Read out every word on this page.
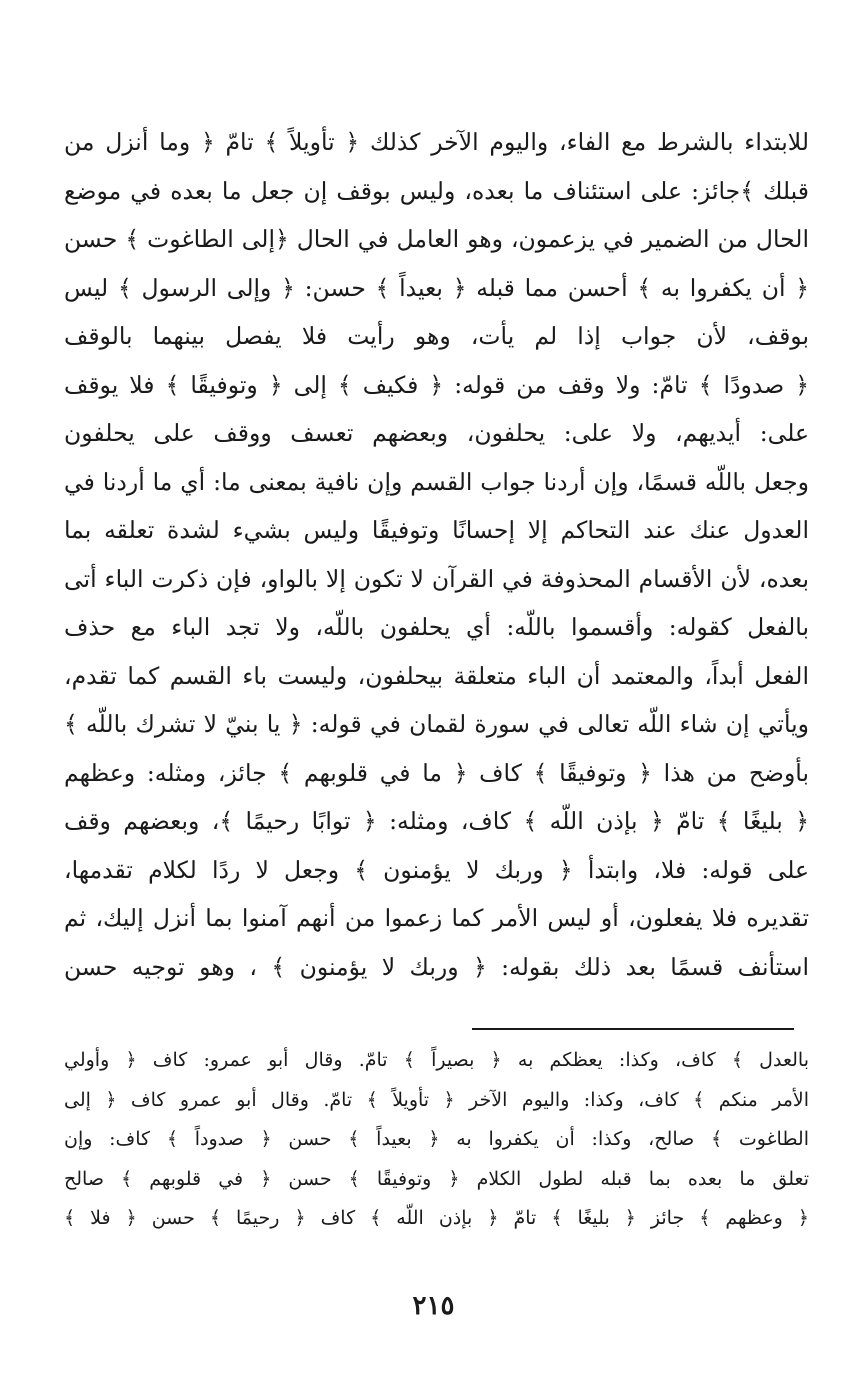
للابتداء بالشرط مع الفاء، واليوم الآخر كذلك ﴿ تأويلاً ﴾ تامّ ﴿ وما أنزل من
قبلك ﴾جائز: على استئناف ما بعده، وليس بوقف إن جعل ما بعده في موضع
الحال من الضمير في يزعمون، وهو العامل في الحال ﴿إلى الطاغوت ﴾ حسن
﴿ أن يكفروا به ﴾ أحسن مما قبله ﴿ بعيداً ﴾ حسن: ﴿ وإلى الرسول ﴾ ليس
بوقف، لأن جواب إذا لم يأت، وهو رأيت فلا يفصل بينهما بالوقف
﴿ صدودًا ﴾ تامّ: ولا وقف من قوله: ﴿ فكيف ﴾ إلى ﴿ وتوفيقًا ﴾ فلا يوقف
على: أيديهم، ولا على: يحلفون، وبعضهم تعسف ووقف على يحلفون
وجعل باللّه قسمًا، وإن أردنا جواب القسم وإن نافية بمعنى ما: أي ما أردنا في
العدول عنك عند التحاكم إلا إحسانًا وتوفيقًا وليس بشيء لشدة تعلقه بما
بعده، لأن الأقسام المحذوفة في القرآن لا تكون إلا بالواو، فإن ذكرت الباء أتى
بالفعل كقوله: وأقسموا باللّه: أي يحلفون باللّه، ولا تجد الباء مع حذف
الفعل أبداً، والمعتمد أن الباء متعلقة بيحلفون، وليست باء القسم كما تقدم،
ويأتي إن شاء اللّه تعالى في سورة لقمان في قوله: ﴿ يا بنيّ لا تشرك باللّه ﴾
بأوضح من هذا ﴿ وتوفيقًا ﴾ كاف ﴿ ما في قلوبهم ﴾ جائز، ومثله: وعظهم
﴿ بليغًا ﴾ تامّ ﴿ بإذن اللّه ﴾ كاف، ومثله: ﴿ توابًا رحيمًا ﴾، وبعضهم وقف
على قوله: فلا، وابتدأ ﴿ وربك لا يؤمنون ﴾ وجعل لا ردًا لكلام تقدمها،
تقديره فلا يفعلون، أو ليس الأمر كما زعموا من أنهم آمنوا بما أنزل إليك، ثم
استأنف قسمًا بعد ذلك بقوله: ﴿ وربك لا يؤمنون ﴾ ، وهو توجيه حسن
بالعدل ﴾ كاف، وكذا: يعظكم به ﴿ بصيراً ﴾ تامّ. وقال أبو عمرو: كاف ﴿ وأولي
الأمر منكم ﴾ كاف، وكذا: واليوم الآخر ﴿ تأويلاً ﴾ تامّ. وقال أبو عمرو كاف ﴿ إلى
الطاغوت ﴾ صالح، وكذا: أن يكفروا به ﴿ بعيداً ﴾ حسن ﴿ صدوداً ﴾ كاف: وإن
تعلق ما بعده بما قبله لطول الكلام ﴿ وتوفيقًا ﴾ حسن ﴿ في قلوبهم ﴾ صالح
﴿ وعظهم ﴾ جائز ﴿ بليغًا ﴾ تامّ ﴿ بإذن اللّه ﴾ كاف ﴿ رحيمًا ﴾ حسن ﴿ فلا ﴾
٢١٥
